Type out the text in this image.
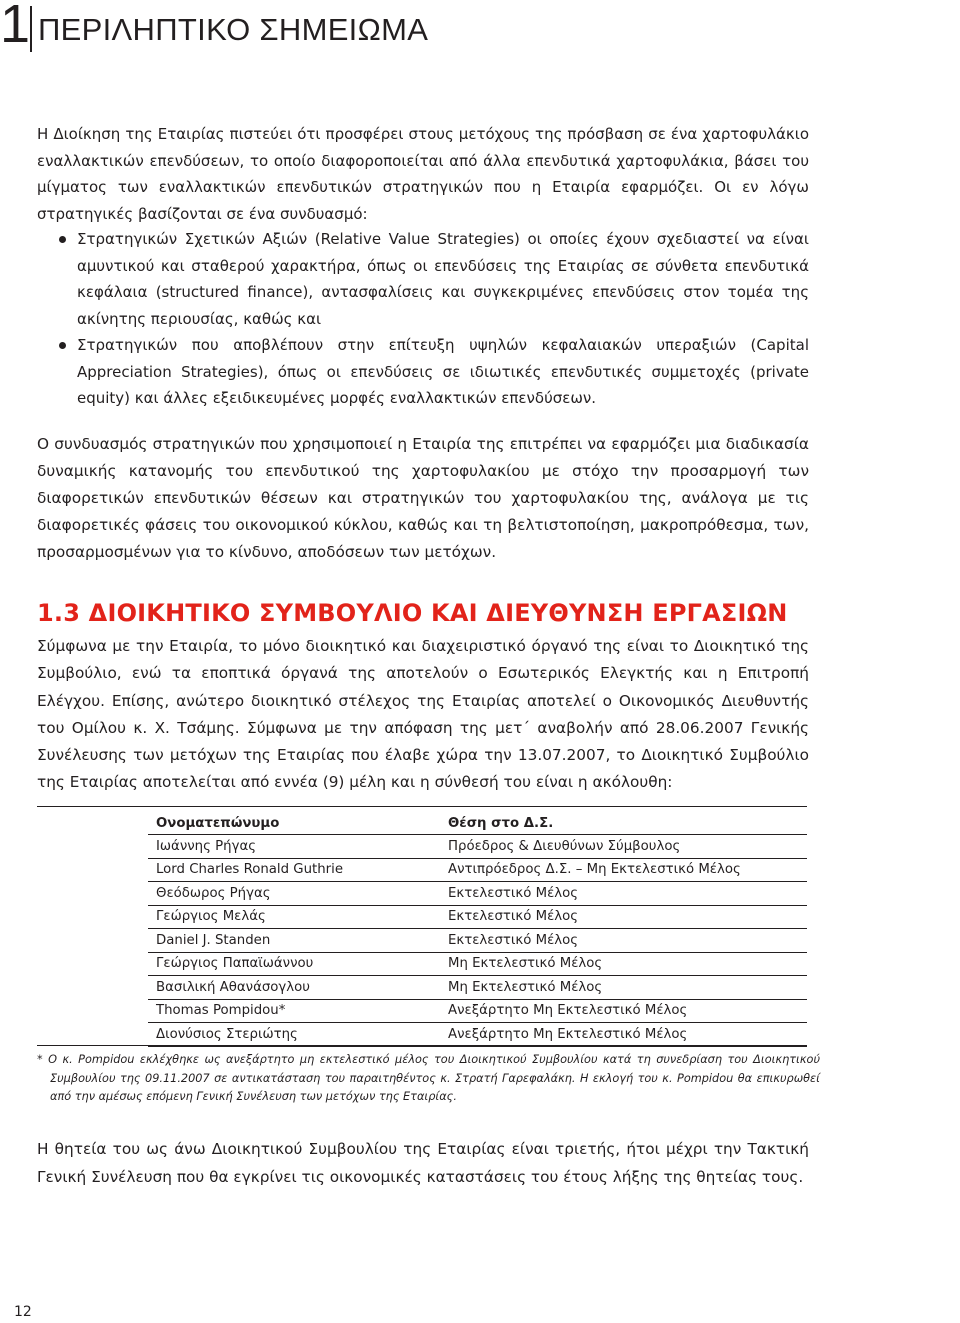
1 ΠΕΡΙΛΗΠΤΙΚΟ ΣΗΜΕΙΩΜΑ

Η Διοίκηση της Εταιρίας πιστεύει ότι προσφέρει στους μετόχους της πρόσβαση σε ένα χαρτοφυλάκιο εναλλακτικών επενδύσεων, το οποίο διαφοροποιείται από άλλα επενδυτικά χαρτοφυλάκια, βάσει του μίγματος των εναλλακτικών επενδυτικών στρατηγικών που η Εταιρία εφαρμόζει. Οι εν λόγω στρατηγικές βασίζονται σε ένα συνδυασμό:

Στρατηγικών Σχετικών Αξιών (Relative Value Strategies) οι οποίες έχουν σχεδιαστεί να είναι αμυντικού και σταθερού χαρακτήρα, όπως οι επενδύσεις της Εταιρίας σε σύνθετα επενδυτικά κεφάλαια (structured finance), αντασφαλίσεις και συγκεκριμένες επενδύσεις στον τομέα της ακίνητης περιουσίας, καθώς και
Στρατηγικών που αποβλέπουν στην επίτευξη υψηλών κεφαλαιακών υπεραξιών (Capital Appreciation Strategies), όπως οι επενδύσεις σε ιδιωτικές επενδυτικές συμμετοχές (private equity) και άλλες εξειδικευμένες μορφές εναλλακτικών επενδύσεων.

Ο συνδυασμός στρατηγικών που χρησιμοποιεί η Εταιρία της επιτρέπει να εφαρμόζει μια διαδικασία δυναμικής κατανομής του επενδυτικού της χαρτοφυλακίου με στόχο την προσαρμογή των διαφορετικών επενδυτικών θέσεων και στρατηγικών του χαρτοφυλακίου της, ανάλογα με τις διαφορετικές φάσεις του οικονομικού κύκλου, καθώς και τη βελτιστοποίηση, μακροπρόθεσμα, των, προσαρμοσμένων για το κίνδυνο, αποδόσεων των μετόχων.

1.3 ΔΙΟΙΚΗΤΙΚΟ ΣΥΜΒΟΥΛΙΟ ΚΑΙ ΔΙΕΥΘΥΝΣΗ ΕΡΓΑΣΙΩΝ

Σύμφωνα με την Εταιρία, το μόνο διοικητικό και διαχειριστικό όργανό της είναι το Διοικητικό της Συμβούλιο, ενώ τα εποπτικά όργανά της αποτελούν ο Εσωτερικός Ελεγκτής και η Επιτροπή Ελέγχου. Επίσης, ανώτερο διοικητικό στέλεχος της Εταιρίας αποτελεί ο Οικονομικός Διευθυντής του Ομίλου κ. Χ. Τσάμης. Σύμφωνα με την απόφαση της μετ΄ αναβολήν από 28.06.2007 Γενικής Συνέλευσης των μετόχων της Εταιρίας που έλαβε χώρα την 13.07.2007, το Διοικητικό Συμβούλιο της Εταιρίας αποτελείται από εννέα (9) μέλη και η σύνθεσή του είναι η ακόλουθη:

Ονοματεπώνυμο	Θέση στο Δ.Σ.
Ιωάννης Ρήγας	Πρόεδρος & Διευθύνων Σύμβουλος
Lord Charles Ronald Guthrie	Αντιπρόεδρος Δ.Σ. – Μη Εκτελεστικό Μέλος
Θεόδωρος Ρήγας	Εκτελεστικό Μέλος
Γεώργιος Μελάς	Εκτελεστικό Μέλος
Daniel J. Standen	Εκτελεστικό Μέλος
Γεώργιος Παπαϊωάννου	Μη Εκτελεστικό Μέλος
Βασιλική Αθανάσογλου	Μη Εκτελεστικό Μέλος
Thomas Pompidou*	Ανεξάρτητο Μη Εκτελεστικό Μέλος
Διονύσιος Στεριώτης	Ανεξάρτητο Μη Εκτελεστικό Μέλος

* Ο κ. Pompidou εκλέχθηκε ως ανεξάρτητο μη εκτελεστικό μέλος του Διοικητικού Συμβουλίου κατά τη συνεδρίαση του Διοικητικού Συμβουλίου της 09.11.2007 σε αντικατάσταση του παραιτηθέντος κ. Στρατή Γαρεφαλάκη. Η εκλογή του κ. Pompidou θα επικυρωθεί από την αμέσως επόμενη Γενική Συνέλευση των μετόχων της Εταιρίας.

Η θητεία του ως άνω Διοικητικού Συμβουλίου της Εταιρίας είναι τριετής, ήτοι μέχρι την Τακτική Γενική Συνέλευση που θα εγκρίνει τις οικονομικές καταστάσεις του έτους λήξης της θητείας τους.

12
